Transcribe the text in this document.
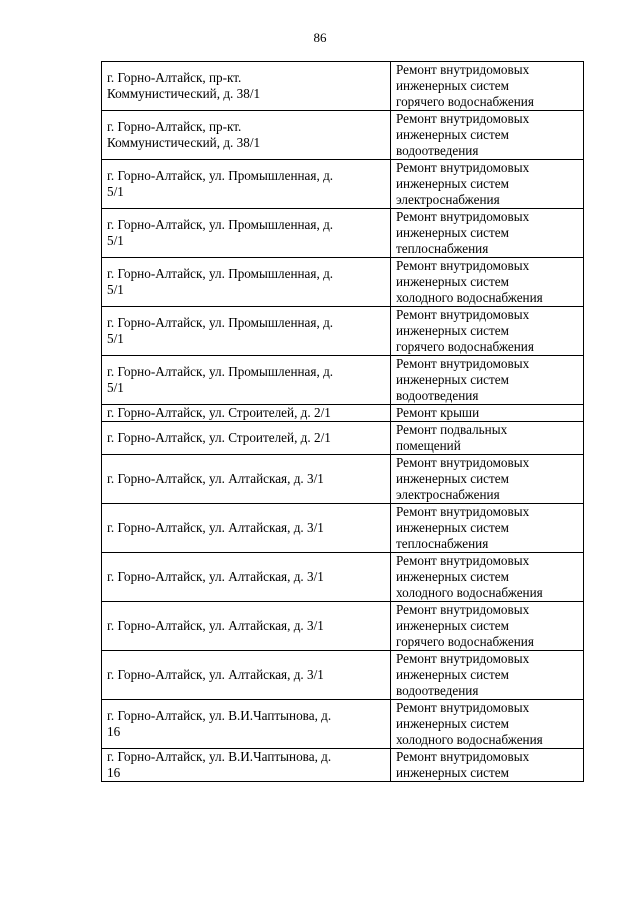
86
г. Горно-Алтайск, пр-кт.
Коммунистический, д. 38/1	Ремонт внутридомовых
инженерных систем
горячего водоснабжения

г. Горно-Алтайск, пр-кт.
Коммунистический, д. 38/1	Ремонт внутридомовых
инженерных систем
водоотведения

г. Горно-Алтайск, ул. Промышленная, д.
5/1	Ремонт внутридомовых
инженерных систем
электроснабжения

г. Горно-Алтайск, ул. Промышленная, д.
5/1	Ремонт внутридомовых
инженерных систем
теплоснабжения

г. Горно-Алтайск, ул. Промышленная, д.
5/1	Ремонт внутридомовых
инженерных систем
холодного водоснабжения

г. Горно-Алтайск, ул. Промышленная, д.
5/1	Ремонт внутридомовых
инженерных систем
горячего водоснабжения

г. Горно-Алтайск, ул. Промышленная, д.
5/1	Ремонт внутридомовых
инженерных систем
водоотведения

г. Горно-Алтайск, ул. Строителей, д. 2/1	Ремонт крыши

г. Горно-Алтайск, ул. Строителей, д. 2/1	Ремонт подвальных
помещений

г. Горно-Алтайск, ул. Алтайская, д. 3/1	Ремонт внутридомовых
инженерных систем
электроснабжения

г. Горно-Алтайск, ул. Алтайская, д. 3/1	Ремонт внутридомовых
инженерных систем
теплоснабжения

г. Горно-Алтайск, ул. Алтайская, д. 3/1	Ремонт внутридомовых
инженерных систем
холодного водоснабжения

г. Горно-Алтайск, ул. Алтайская, д. 3/1	Ремонт внутридомовых
инженерных систем
горячего водоснабжения

г. Горно-Алтайск, ул. Алтайская, д. 3/1	Ремонт внутридомовых
инженерных систем
водоотведения

г. Горно-Алтайск, ул. В.И.Чаптынова, д.
16	Ремонт внутридомовых
инженерных систем
холодного водоснабжения

г. Горно-Алтайск, ул. В.И.Чаптынова, д.
16	Ремонт внутридомовых
инженерных систем
